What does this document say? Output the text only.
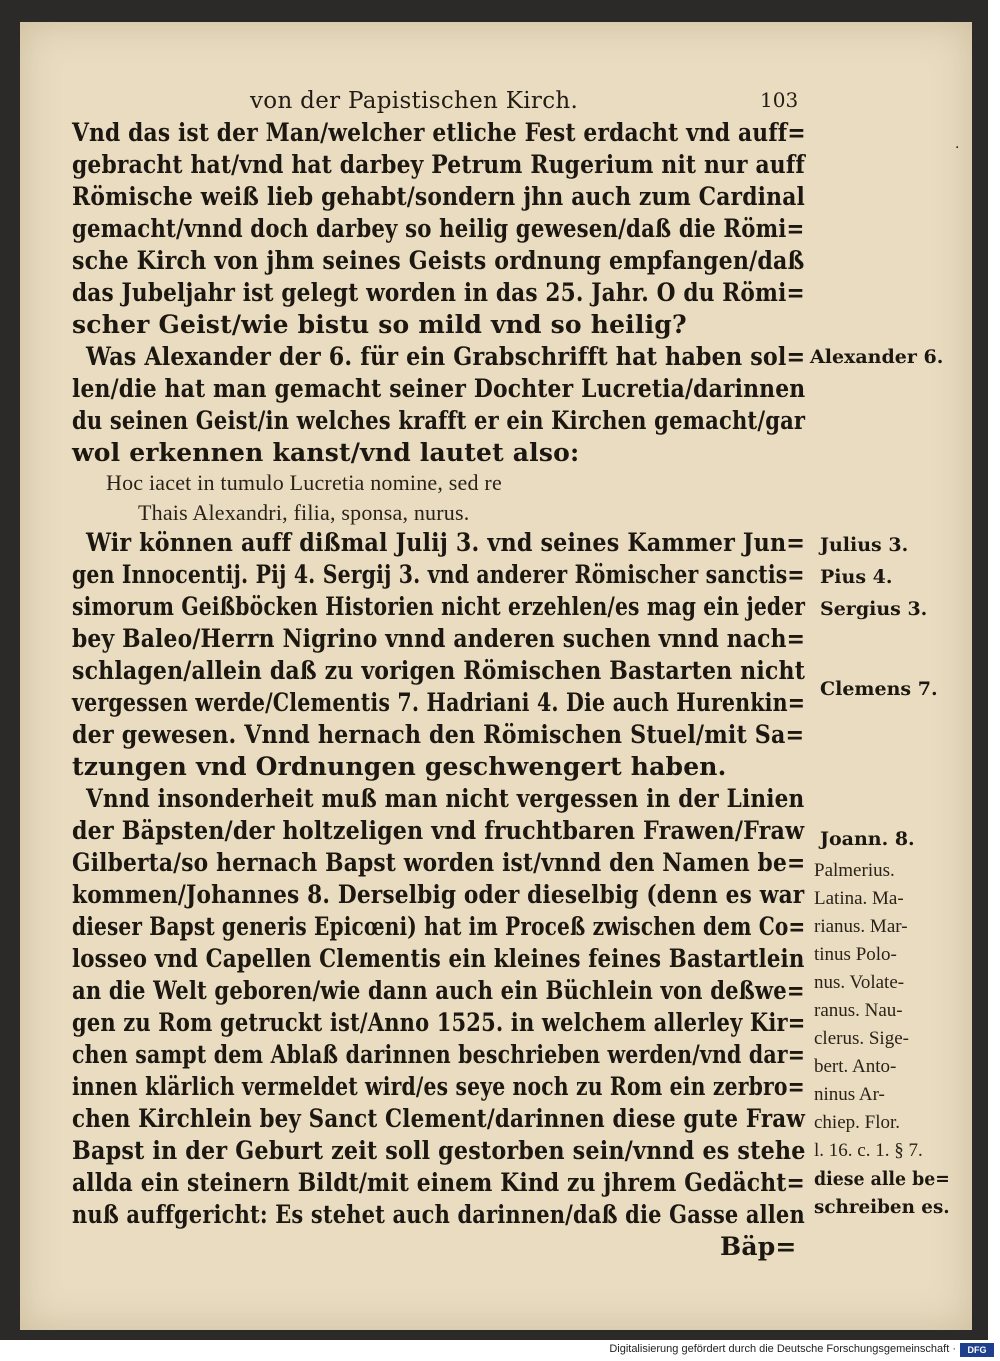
von der Papistischen Kirch.	103
·
Vnd das ist der Man/welcher etliche Fest erdacht vnd auff=
gebracht hat/vnd hat darbey Petrum Rugerium nit nur auff
Römische weiß lieb gehabt/sondern jhn auch zum Cardinal
gemacht/vnnd doch darbey so heilig gewesen/daß die Römi=
sche Kirch von jhm seines Geists ordnung empfangen/daß
das Jubeljahr ist gelegt worden in das 25. Jahr. O du Römi=
scher Geist/wie bistu so mild vnd so heilig?
Was Alexander der 6. für ein Grabschrifft hat haben sol=
len/die hat man gemacht seiner Dochter Lucretia/darinnen
du seinen Geist/in welches krafft er ein Kirchen gemacht/gar
wol erkennen kanst/vnd lautet also:
Hoc iacet in tumulo Lucretia nomine, sed re
Thais Alexandri, filia, sponsa, nurus.
Wir können auff dißmal Julij 3. vnd seines Kammer Jun=
gen Innocentij. Pij 4. Sergij 3. vnd anderer Römischer sanctis=
simorum Geißböcken Historien nicht erzehlen/es mag ein jeder
bey Baleo/Herrn Nigrino vnnd anderen suchen vnnd nach=
schlagen/allein daß zu vorigen Römischen Bastarten nicht
vergessen werde/Clementis 7. Hadriani 4. Die auch Hurenkin=
der gewesen. Vnnd hernach den Römischen Stuel/mit Sa=
tzungen vnd Ordnungen geschwengert haben.
Vnnd insonderheit muß man nicht vergessen in der Linien
der Bäpsten/der holtzeligen vnd fruchtbaren Frawen/Fraw
Gilberta/so hernach Bapst worden ist/vnnd den Namen be=
kommen/Johannes 8. Derselbig oder dieselbig (denn es war
dieser Bapst generis Epicœni) hat im Proceß zwischen dem Co=
losseo vnd Capellen Clementis ein kleines feines Bastartlein
an die Welt geboren/wie dann auch ein Büchlein von deßwe=
gen zu Rom getruckt ist/Anno 1525. in welchem allerley Kir=
chen sampt dem Ablaß darinnen beschrieben werden/vnd dar=
innen klärlich vermeldet wird/es seye noch zu Rom ein zerbro=
chen Kirchlein bey Sanct Clement/darinnen diese gute Fraw
Bapst in der Geburt zeit soll gestorben sein/vnnd es stehe
allda ein steinern Bildt/mit einem Kind zu jhrem Gedächt=
nuß auffgericht: Es stehet auch darinnen/daß die Gasse allen
Bäp=
Alexander 6.
Julius 3.
Pius 4.
Sergius 3.
Clemens 7.
Joann. 8.
Palmerius.
Latina. Ma-
rianus. Mar-
tinus Polo-
nus. Volate-
ranus. Nau-
clerus. Sige-
bert. Anto-
ninus Ar-
chiep. Flor.
l. 16. c. 1. § 7.
diese alle be=
schreiben es.
Digitalisierung gefördert durch die Deutsche Forschungsgemeinschaft ·	DFG
